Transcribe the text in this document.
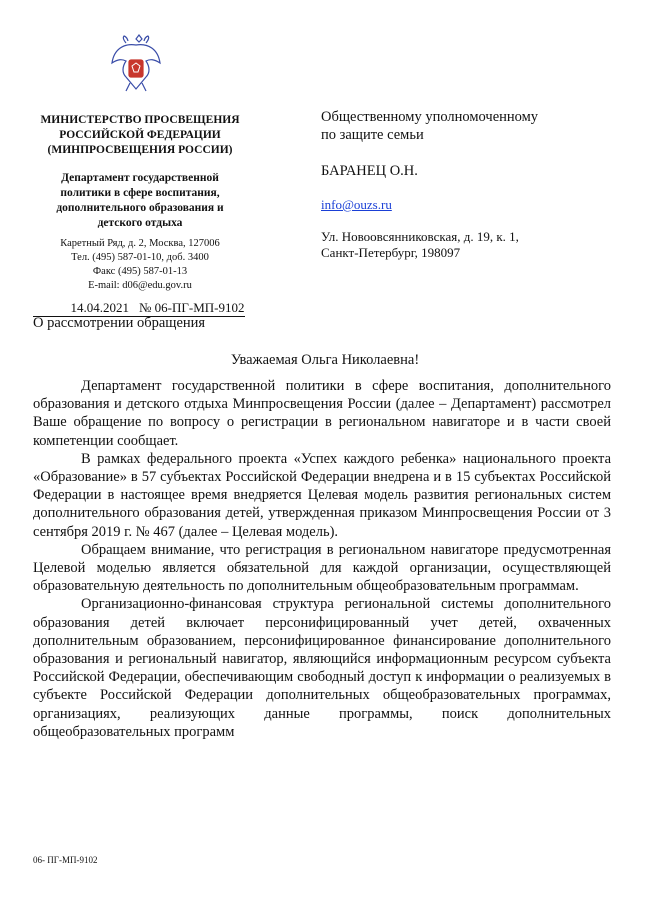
МИНИСТЕРСТВО ПРОСВЕЩЕНИЯ
РОССИЙСКОЙ ФЕДЕРАЦИИ
(МИНПРОСВЕЩЕНИЯ РОССИИ)
Департамент государственной
политики в сфере воспитания,
дополнительного образования и
детского отдыха
Каретный Ряд, д. 2, Москва, 127006
Тел. (495) 587-01-10, доб. 3400
Факс (495) 587-01-13
E-mail: d06@edu.gov.ru
14.04.2021 № 06-ПГ-МП-9102
О рассмотрении обращения
Общественному уполномоченному
по защите семьи
БАРАНЕЦ О.Н.
info@ouzs.ru
Ул. Новоовсянниковская, д. 19, к. 1,
Санкт-Петербург, 198097
Уважаемая Ольга Николаевна!

Департамент государственной политики в сфере воспитания, дополнительного образования и детского отдыха Минпросвещения России (далее – Департамент) рассмотрел Ваше обращение по вопросу о регистрации в региональном навигаторе и в части своей компетенции сообщает.

В рамках федерального проекта «Успех каждого ребенка» национального проекта «Образование» в 57 субъектах Российской Федерации внедрена и в 15 субъектах Российской Федерации в настоящее время внедряется Целевая модель развития региональных систем дополнительного образования детей, утвержденная приказом Минпросвещения России от 3 сентября 2019 г. № 467 (далее – Целевая модель).

Обращаем внимание, что регистрация в региональном навигаторе предусмотренная Целевой моделью является обязательной для каждой организации, осуществляющей образовательную деятельность по дополнительным общеобразовательным программам.

Организационно-финансовая структура региональной системы дополнительного образования детей включает персонифицированный учет детей, охваченных дополнительным образованием, персонифицированное финансирование дополнительного образования и региональный навигатор, являющийся информационным ресурсом субъекта Российской Федерации, обеспечивающим свободный доступ к информации о реализуемых в субъекте Российской Федерации дополнительных общеобразовательных программах, организациях, реализующих данные программы, поиск дополнительных общеобразовательных программ

06- ПГ-МП-9102
